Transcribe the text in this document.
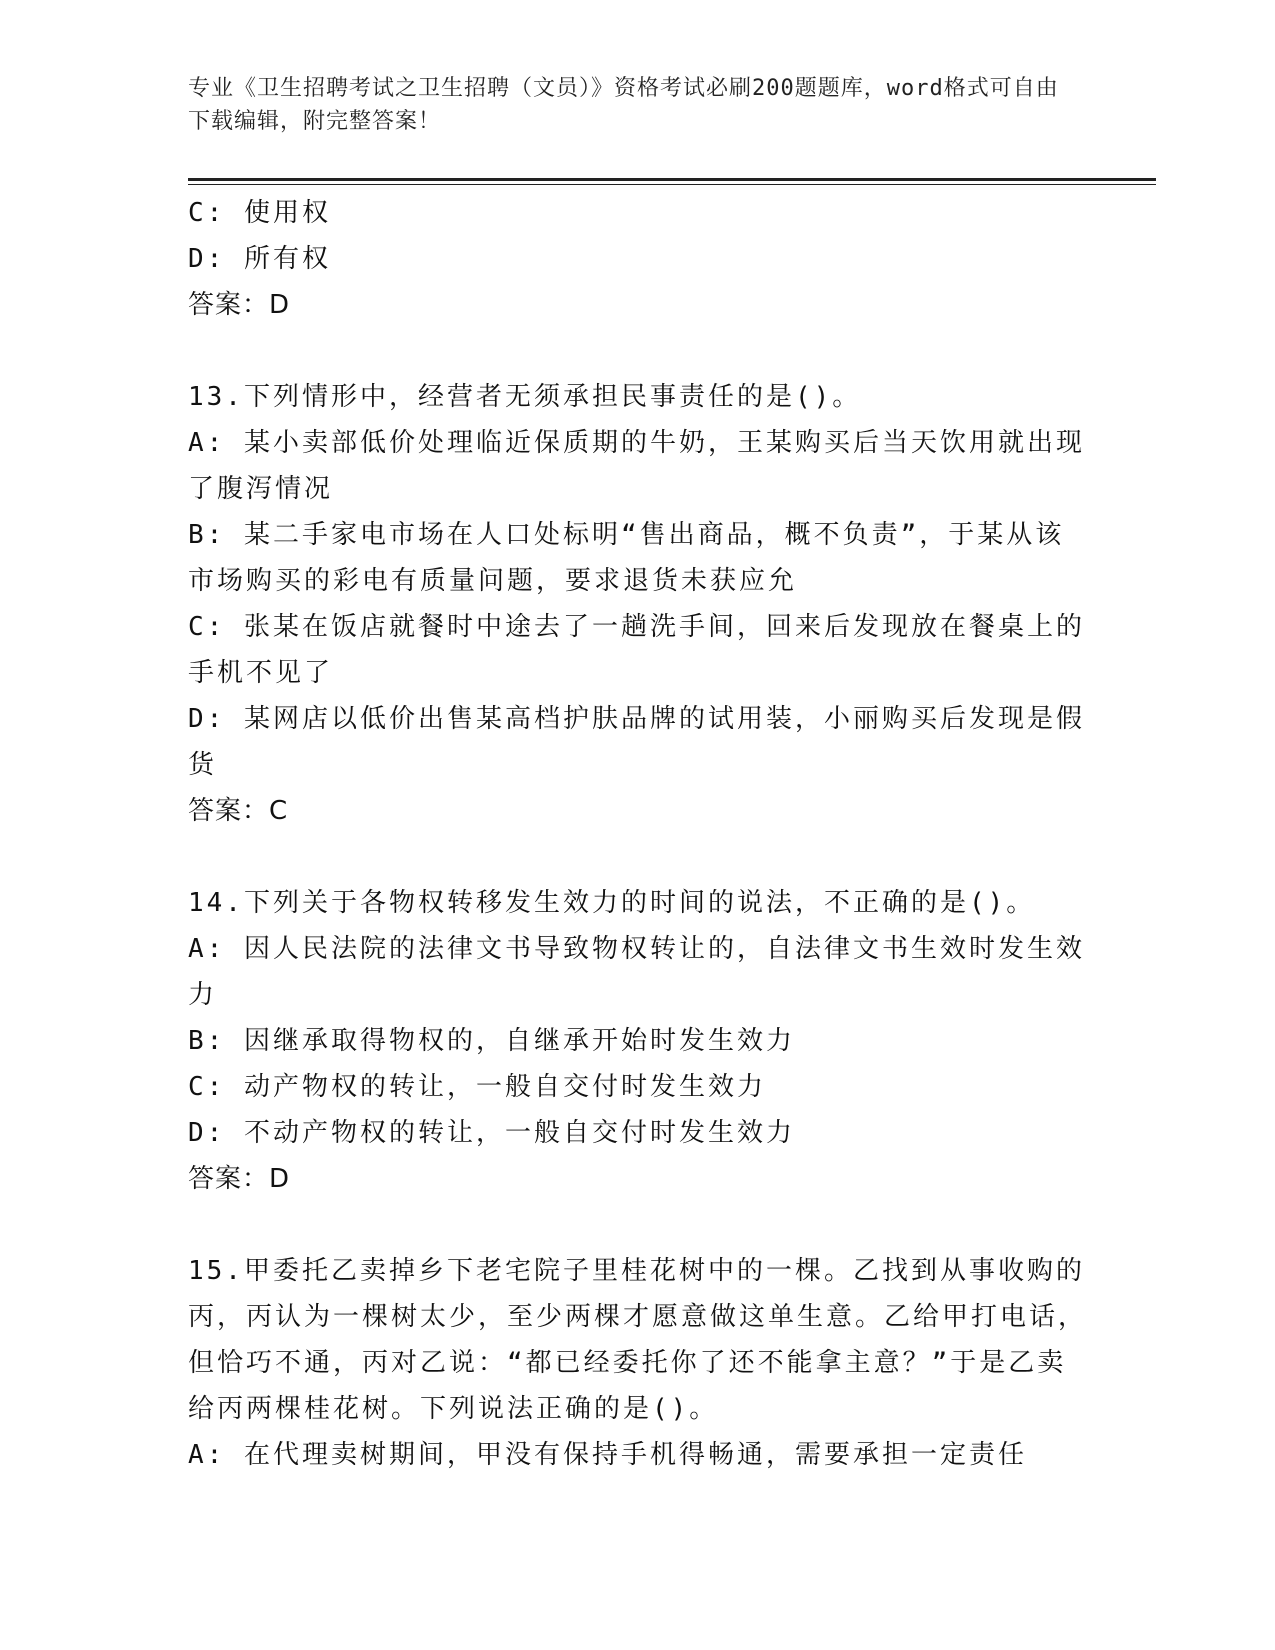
专业《卫生招聘考试之卫生招聘（文员）》资格考试必刷200题题库，word格式可自由下载编辑，附完整答案！

C: 使用权

D: 所有权

答案：D

13.下列情形中，经营者无须承担民事责任的是()。

A: 某小卖部低价处理临近保质期的牛奶，王某购买后当天饮用就出现了腹泻情况

B: 某二手家电市场在人口处标明“售出商品，概不负责”，于某从该市场购买的彩电有质量问题，要求退货未获应允

C: 张某在饭店就餐时中途去了一趟洗手间，回来后发现放在餐桌上的手机不见了

D: 某网店以低价出售某高档护肤品牌的试用装，小丽购买后发现是假货

答案：C

14.下列关于各物权转移发生效力的时间的说法，不正确的是()。

A: 因人民法院的法律文书导致物权转让的，自法律文书生效时发生效力

B: 因继承取得物权的，自继承开始时发生效力

C: 动产物权的转让，一般自交付时发生效力

D: 不动产物权的转让，一般自交付时发生效力

答案：D

15.甲委托乙卖掉乡下老宅院子里桂花树中的一棵。乙找到从事收购的丙，丙认为一棵树太少，至少两棵才愿意做这单生意。乙给甲打电话，但恰巧不通，丙对乙说：“都已经委托你了还不能拿主意？”于是乙卖给丙两棵桂花树。下列说法正确的是()。

A: 在代理卖树期间，甲没有保持手机得畅通，需要承担一定责任
